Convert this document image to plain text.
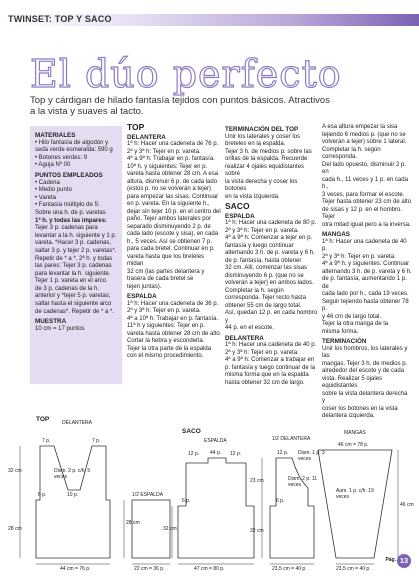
TWINSET: TOP Y SACO
El dúo perfecto
Top y cárdigan de hilado fantasía tejidos con puntos básicos. Atractivos a la vista y suaves al tacto.
MATERIALES
• Hilo fantasía de algodón y
seda verde esmeralda: 590 g
• Botones verdes: 9
• Aguja Nº 00
PUNTOS EMPLEADOS
• Cadena
• Medio punto
• Vareta
• Fantasía múltiplo de 5:
Sobre una h. de p. varetas
1ª h. y todas las impares:
Tejer 3 p. cadenas para
levantar a la h. siguiente y 1 p.
vareta. *Hacer 3 p. cadenas,
saltar 3 p. y tejer 2 p. varetas*.
Repetir de * a *. 2ª h. y todas
las pares: Tejer 3 p. cadenas
para levantar la h. siguiente.
Tejer 1 p. vareta en el arco
de 3 p. cadenas de la h.
anterior y *tejer 5 p. varetas;
saltar hasta el siguiente arco
de cadenas*. Repetir de * a *.
MUESTRA
10 cm = 17 puntos
TOP
DELANTERA

1ª h: Hacer una cadeneta de 76 p.
2ª y 3ª h: Tejer en p. vareta.
4ª a 9ª h: Trabajar en p. fantasía.
10ª h. y siguientes: Tejer en p.
vareta hasta obtener 28 cm. A esa
altura, disminuir 6 p. de cada lado
(estos p. no se volverán a tejer)
para empezar las sisas. Continuar
en p. vareta. En la siguiente h.,
dejar sin tejer 10 p. en el centro del
paño. Tejer ambos laterales por
separado disminuyendo 2 p. de
cada lado (escote y sisa), en cada
h., 5 veces. Así se obtienen 7 p.
para cada bretel. Continuar en p.
vareta hasta que los breteles midan
32 cm (las partes delantera y
trasera de cada bretel se
tejen juntas).

ESPALDA

1ª h: Hacer una cadeneta de 36 p.
2ª y 3ª h: Tejer en p. vareta.
4ª a 10ª h: Trabajar en p. fantasía.
11ª h y siguientes: Tejer en p.
vareta hasta obtener 28 cm de alto.
Cortar la hebra y esconderla.
Tejer la otra parte de la espalda
con el mismo procedimiento.

TERMINACIÓN DEL TOP

Unir los laterales y coser los
breteles en la espalda.
Tejer 3 h. de medios p. sobre las
orillas de la espalda. Recuerde
realizar 4 ojales equidistantes sobre
la vista derecha y coser los botones
en la vista izquierda.

SACO
ESPALDA

1ª h: Hacer una cadeneta de 80 p.
2ª y 3ª h: Tejer en p. vareta.
4ª a 9ª h: Comenzar a tejer en p.
fantasía y luego continuar
alternando 3 h. de p. vareta y 6 h.
de p. fantasía, hasta obtener
32 cm. Allí, comenzar las sisas
disminuyendo 6 p. (que no se
volverán a tejer) en ambos lados.
Completar la h. según
corresponda. Tejer recto hasta
obtener 55 cm de largo total.
Así, quedan 12 p. en cada hombro y
44 p. en el escote.

DELANTERA

1ª h: Hacer una cadeneta de 40 p.
2ª y 3ª h: Tejer en p. vareta.
4ª a 9ª h: Comenzar a trabajar en
p. fantasía y luego continuar de la
misma forma que en la espalda
hasta obtener 32 cm de largo.

A esa altura empezar la sisa
tejiendo 6 medios p. (que no se
volverán a tejer) sobre 1 lateral.
Completar la h. según corresponda.
Del lado opuesto, disminuir 2 p. en
cada h., 11 veces y 1 p. en cada h.,
3 veces, para formar el escote.
Tejer hasta obtener 23 cm de alto
de sisas y 12 p. en el hombro. Tejer
otra mitad igual pero a la inversa.

MANGAS

1ª h: Hacer una cadeneta de 40 p.
2ª y 3ª h: Tejer en p. vareta.
4ª a 9ª h. y siguientes: Continuar
alternando 3 h. de p. vareta y 6 h.
de p. fantasía, aumentando 1 p. de
cada lado por h., cada 19 veces.
Seguir tejiendo hasta obtener 78 p.
y 46 cm de largo total.
Tejer la otra manga de la
misma forma.

TERMINACIÓN

Unir los hombros, los laterales y las
mangas. Tejer 3 h. de medios p.
alrededor del escote y de cada
vista. Realizar 5 ojales equidistantes
sobre la vista delantera derecha y
coser los botones en la vista
delantera izquierda.

TOP	DELANTERA
7 p.	7 p.
Dism. 2 p. c/h. 5 veces
10 p.
6 p.
44 cm = 76 p.
32 cm
28 cm
1/2 ESPALDA
22 cm = 36 p.
28 cm
SACO
ESPALDA
12 p. 44 p. 12 p.
6 p.
47 cm = 80 p.
32 cm
1/2 DELANTERA
12 p. Dism. 1 p. 3 veces
Dism. 2 p. 11 veces
6 p.
23,5 cm = 40 p.
23 cm
32 cm
MANGAS
46 cm = 78 p.
Aum. 1 p. c/h. 19 veces
23,5 cm = 40 p.
46 cm
Pág. 13
